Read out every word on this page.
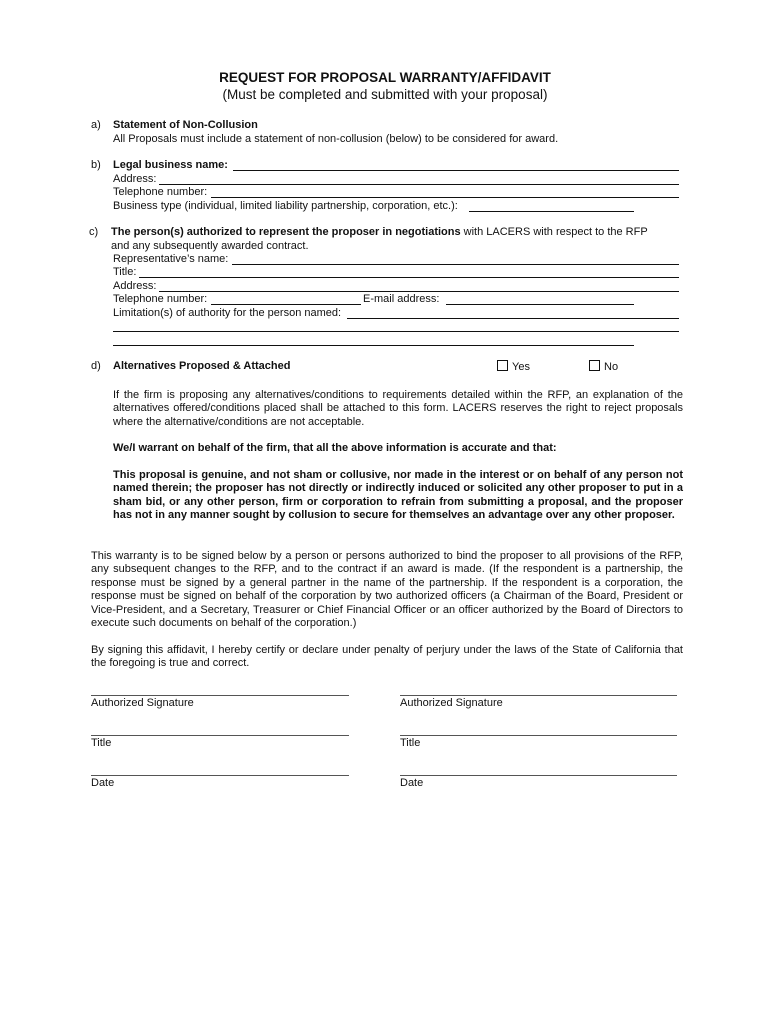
REQUEST FOR PROPOSAL WARRANTY/AFFIDAVIT
(Must be completed and submitted with your proposal)
a) Statement of Non-Collusion
All Proposals must include a statement of non-collusion (below) to be considered for award.
b) Legal business name:
Address:
Telephone number:
Business type (individual, limited liability partnership, corporation, etc.):
c) The person(s) authorized to represent the proposer in negotiations with LACERS with respect to the RFP
and any subsequently awarded contract.
Representative’s name:
Title:
Address:
Telephone number:	E-mail address:
Limitation(s) of authority for the person named:
d) Alternatives Proposed & Attached	Yes	No
If the firm is proposing any alternatives/conditions to requirements detailed within the RFP, an explanation of the alternatives offered/conditions placed shall be attached to this form. LACERS reserves the right to reject proposals where the alternative/conditions are not acceptable.
We/I warrant on behalf of the firm, that all the above information is accurate and that:
This proposal is genuine, and not sham or collusive, nor made in the interest or on behalf of any person not named therein; the proposer has not directly or indirectly induced or solicited any other proposer to put in a sham bid, or any other person, firm or corporation to refrain from submitting a proposal, and the proposer has not in any manner sought by collusion to secure for themselves an advantage over any other proposer.
This warranty is to be signed below by a person or persons authorized to bind the proposer to all provisions of the RFP, any subsequent changes to the RFP, and to the contract if an award is made. (If the respondent is a partnership, the response must be signed by a general partner in the name of the partnership. If the respondent is a corporation, the response must be signed on behalf of the corporation by two authorized officers (a Chairman of the Board, President or Vice-President, and a Secretary, Treasurer or Chief Financial Officer or an officer authorized by the Board of Directors to execute such documents on behalf of the corporation.)
By signing this affidavit, I hereby certify or declare under penalty of perjury under the laws of the State of California that the foregoing is true and correct.
Authorized Signature
Title
Date
Authorized Signature
Title
Date
